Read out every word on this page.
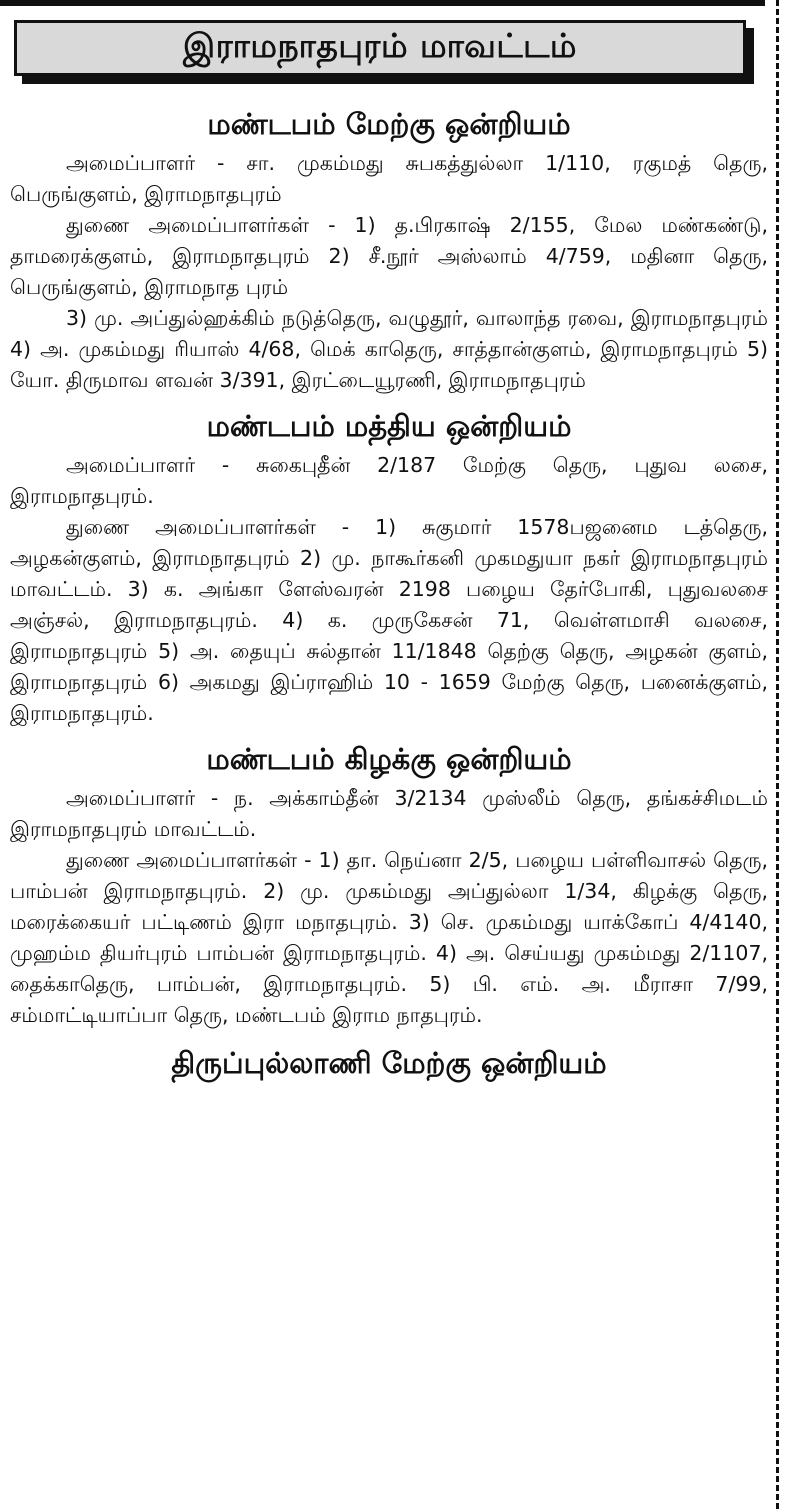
இராமநாதபுரம் மாவட்டம்
மண்டபம் மேற்கு ஒன்றியம்

அமைப்பாளர் - சா. முகம்மது சுபகத்துல்லா 1/110, ரகுமத் தெரு, பெருங்குளம், இராமநாதபுரம்

துணை அமைப்பாளர்கள் - 1) த.பிரகாஷ் 2/155, மேல மண்கண்டு, தாமரைக்குளம், இராமநாதபுரம் 2) சீ.நூர் அஸ்லாம் 4/759, மதினா தெரு, பெருங்குளம், இராமநாத புரம்

3) மு. அப்துல்ஹக்கிம் நடுத்தெரு, வழுதூர், வாலாந்த ரவை, இராமநாதபுரம் 4) அ. முகம்மது ரியாஸ் 4/68, மெக் காதெரு, சாத்தான்குளம், இராமநாதபுரம் 5) யோ. திருமாவ ளவன் 3/391, இரட்டையூரணி, இராமநாதபுரம்

மண்டபம் மத்திய ஒன்றியம்

அமைப்பாளர் - சுகைபுதீன் 2/187 மேற்கு தெரு, புதுவ லசை, இராமநாதபுரம்.

துணை அமைப்பாளர்கள் - 1) சுகுமார் 1578பஜனைம டத்தெரு, அழகன்குளம், இராமநாதபுரம் 2) மு. நாகூர்கனி முகமதுயா நகர் இராமநாதபுரம் மாவட்டம். 3) க. அங்கா ளேஸ்வரன் 2198 பழைய தேர்போகி, புதுவலசை அஞ்சல், இராமநாதபுரம். 4) க. முருகேசன் 71, வெள்ளமாசி வலசை, இராமநாதபுரம் 5) அ. தையுப் சுல்தான் 11/1848 தெற்கு தெரு, அழகன் குளம், இராமநாதபுரம் 6) அகமது இப்ராஹிம் 10 - 1659 மேற்கு தெரு, பனைக்குளம், இராமநாதபுரம்.

மண்டபம் கிழக்கு ஒன்றியம்

அமைப்பாளர் - ந. அக்காம்தீன் 3/2134 முஸ்லீம் தெரு, தங்கச்சிமடம் இராமநாதபுரம் மாவட்டம்.

துணை அமைப்பாளர்கள் - 1) தா. நெய்னா 2/5, பழைய பள்ளிவாசல் தெரு, பாம்பன் இராமநாதபுரம். 2) மு. முகம்மது அப்துல்லா 1/34, கிழக்கு தெரு, மரைக்கையர் பட்டிணம் இரா மநாதபுரம். 3) செ. முகம்மது யாக்கோப் 4/4140, முஹம்ம தியர்புரம் பாம்பன் இராமநாதபுரம். 4) அ. செய்யது முகம்மது 2/1107, தைக்காதெரு, பாம்பன், இராமநாதபுரம். 5) பி. எம். அ. மீராசா 7/99, சம்மாட்டியாப்பா தெரு, மண்டபம் இராம நாதபுரம்.

திருப்புல்லாணி மேற்கு ஒன்றியம்
